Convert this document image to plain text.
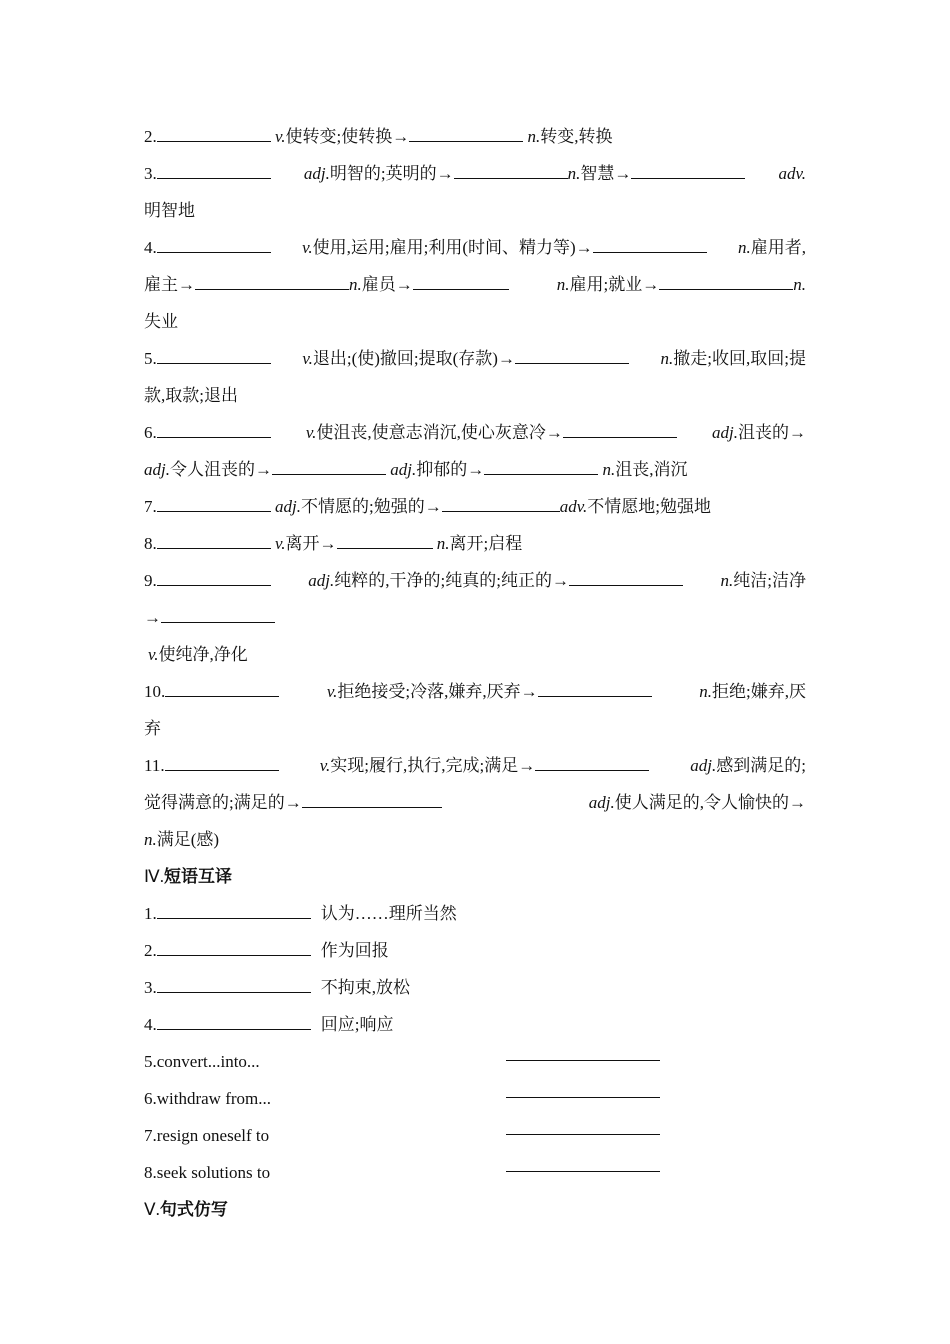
2.	v.使转变;使转换→	n.转变,转换
3.	adj.明智的;英明的→	n.智慧→	adv.
明智地
4.	v.使用,运用;雇用;利用(时间、精力等)→	n.雇用者,
雇主→	n.雇员→	n.雇用;就业→	n.
失业
5.	v.退出;(使)撤回;提取(存款)→	n.撤走;收回,取回;提
款,取款;退出
6.	v.使沮丧,使意志消沉,使心灰意冷→	adj.沮丧的→
adj.令人沮丧的→	adj.抑郁的→	n.沮丧,消沉
7.	adj.不情愿的;勉强的→	adv.不情愿地;勉强地
8.	v.离开→	n.离开;启程
9.	adj.纯粹的,干净的;纯真的;纯正的→	n.纯洁;洁净
→
v.使纯净,净化
10.	v.拒绝接受;冷落,嫌弃,厌弃→	n.拒绝;嫌弃,厌
弃
11.	v.实现;履行,执行,完成;满足→	adj.感到满足的;
觉得满意的;满足的→	adj.使人满足的,令人愉快的→
n.满足(感)
Ⅳ.短语互译
1.	认为……理所当然
2.	作为回报
3.	不拘束,放松
4.	回应;响应
5.convert...into...
6.withdraw from...
7.resign oneself to
8.seek solutions to
Ⅴ.句式仿写
